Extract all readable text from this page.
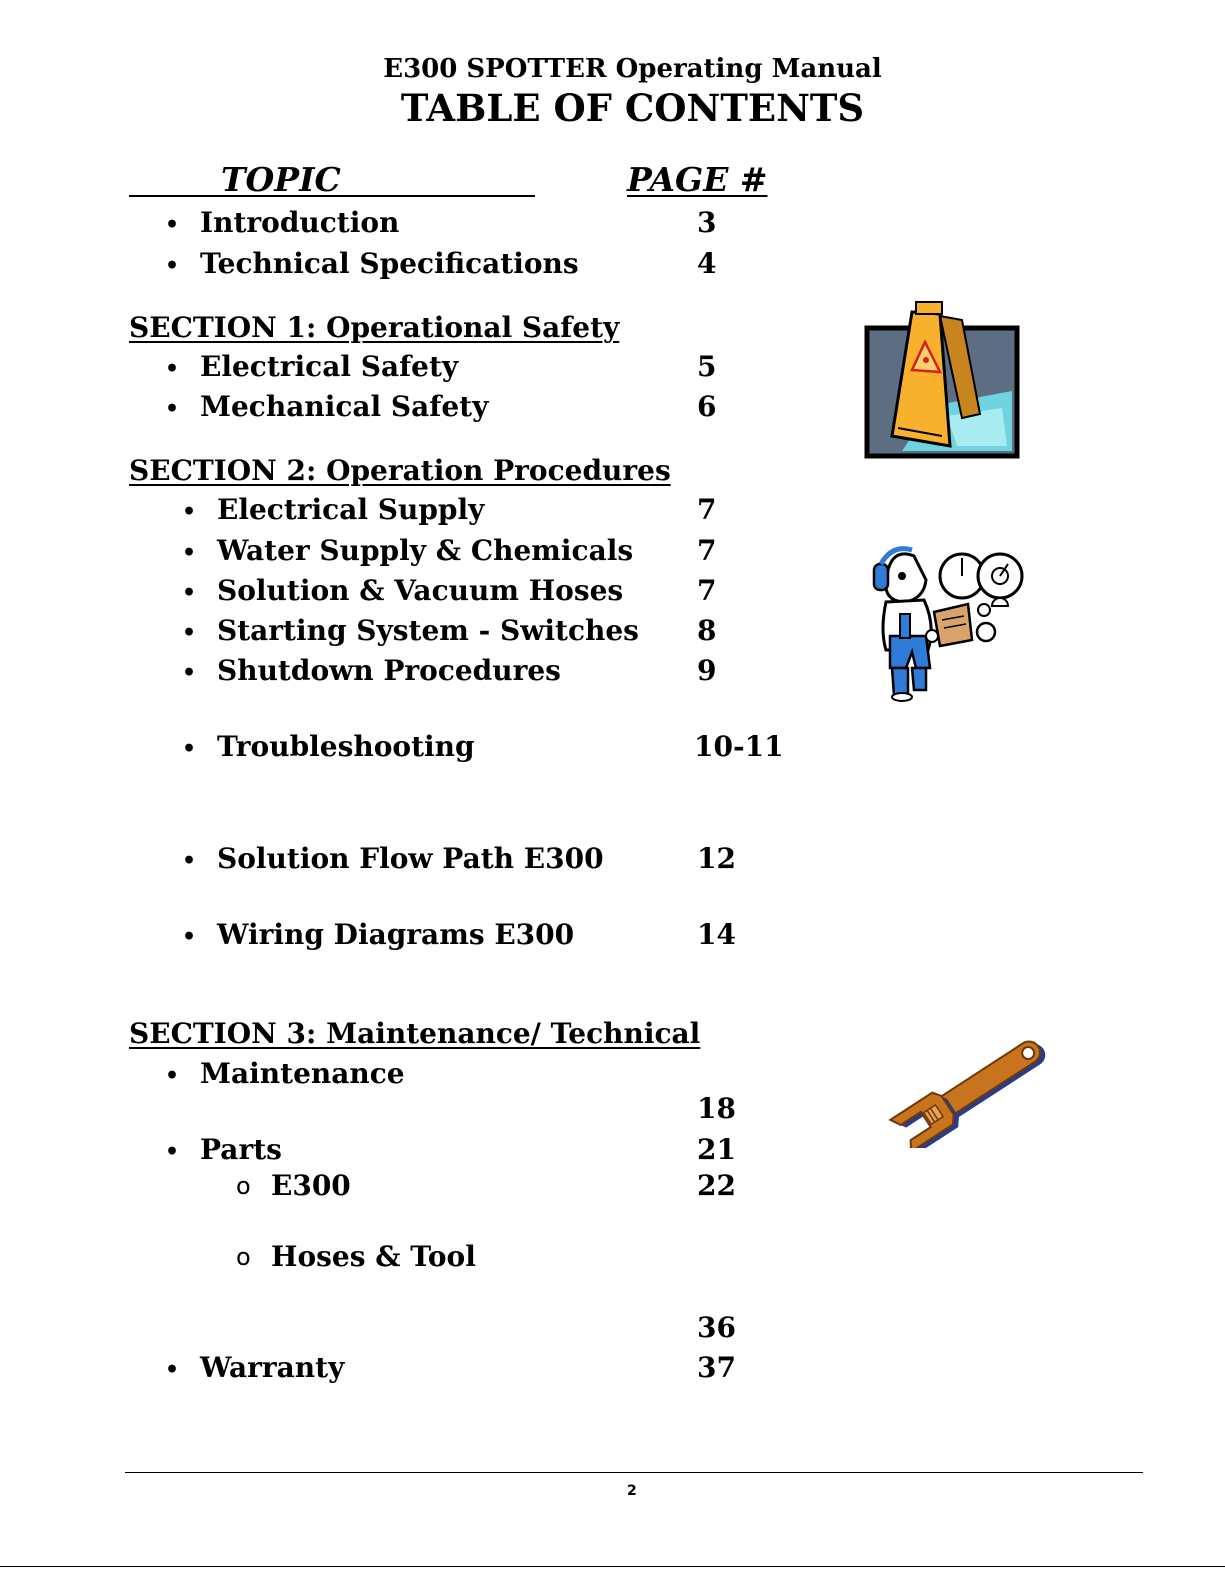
E300 SPOTTER Operating Manual
TABLE OF CONTENTS
TOPIC	PAGE #
• Introduction	3
• Technical Specifications	4
SECTION 1: Operational Safety
• Electrical Safety	5
• Mechanical Safety	6
SECTION 2: Operation Procedures
• Electrical Supply	7
• Water Supply & Chemicals 7
• Solution & Vacuum Hoses	7
• Starting System - Switches 8
• Shutdown Procedures	9
• Troubleshooting	10-11
• Solution Flow Path E300	12
• Wiring Diagrams E300	14
SECTION 3: Maintenance/ Technical
• Maintenance
18
• Parts	21
o E300	22
o Hoses & Tool
36
• Warranty	37
2
